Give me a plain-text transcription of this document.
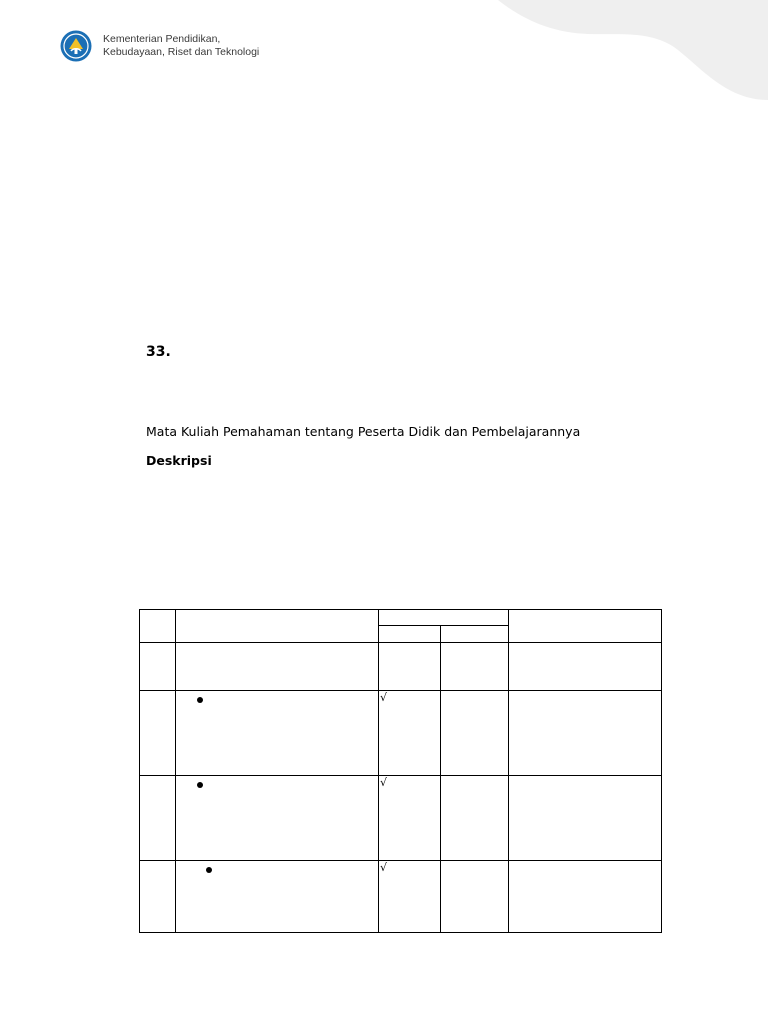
Kementerian Pendidikan,
Kebudayaan, Riset dan Teknologi
33.
Mata Kuliah Pemahaman tentang Peserta Didik dan Pembelajarannya
Deskripsi

		√		

		√		

		√		
